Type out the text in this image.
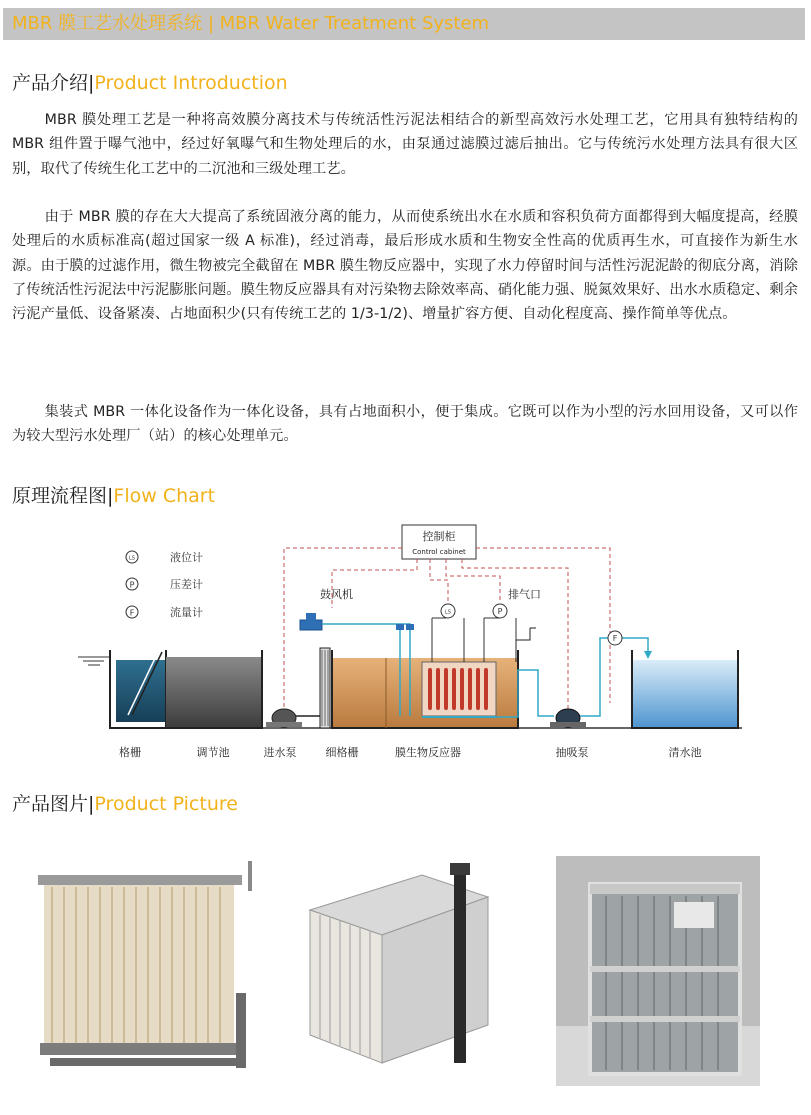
MBR 膜工艺水处理系统 | MBR Water Treatment System
产品介绍|Product Introduction

MBR 膜处理工艺是一种将高效膜分离技术与传统活性污泥法相结合的新型高效污水处理工艺，它用具有独特结构的 MBR 组件置于曝气池中，经过好氧曝气和生物处理后的水，由泵通过滤膜过滤后抽出。它与传统污水处理方法具有很大区别，取代了传统生化工艺中的二沉池和三级处理工艺。

由于 MBR 膜的存在大大提高了系统固液分离的能力，从而使系统出水在水质和容积负荷方面都得到大幅度提高，经膜处理后的水质标准高(超过国家一级 A 标准)，经过消毒，最后形成水质和生物安全性高的优质再生水，可直接作为新生水源。由于膜的过滤作用，微生物被完全截留在 MBR 膜生物反应器中，实现了水力停留时间与活性污泥泥龄的彻底分离，消除了传统活性污泥法中污泥膨胀问题。膜生物反应器具有对污染物去除效率高、硝化能力强、脱氮效果好、出水水质稳定、剩余污泥产量低、设备紧凑、占地面积少(只有传统工艺的 1/3-1/2)、增量扩容方便、自动化程度高、操作简单等优点。

集装式 MBR 一体化设备作为一体化设备，具有占地面积小，便于集成。它既可以作为小型的污水回用设备，又可以作为较大型污水处理厂（站）的核心处理单元。

原理流程图|Flow Chart
LS	液位计
P	压差计
F	流量计
控制柜
Control cabinet
鼓风机
LS	P
排气口
F
格栅	调节池	进水泵	细格栅	膜生物反应器	抽吸泵	清水池
产品图片|Product Picture
